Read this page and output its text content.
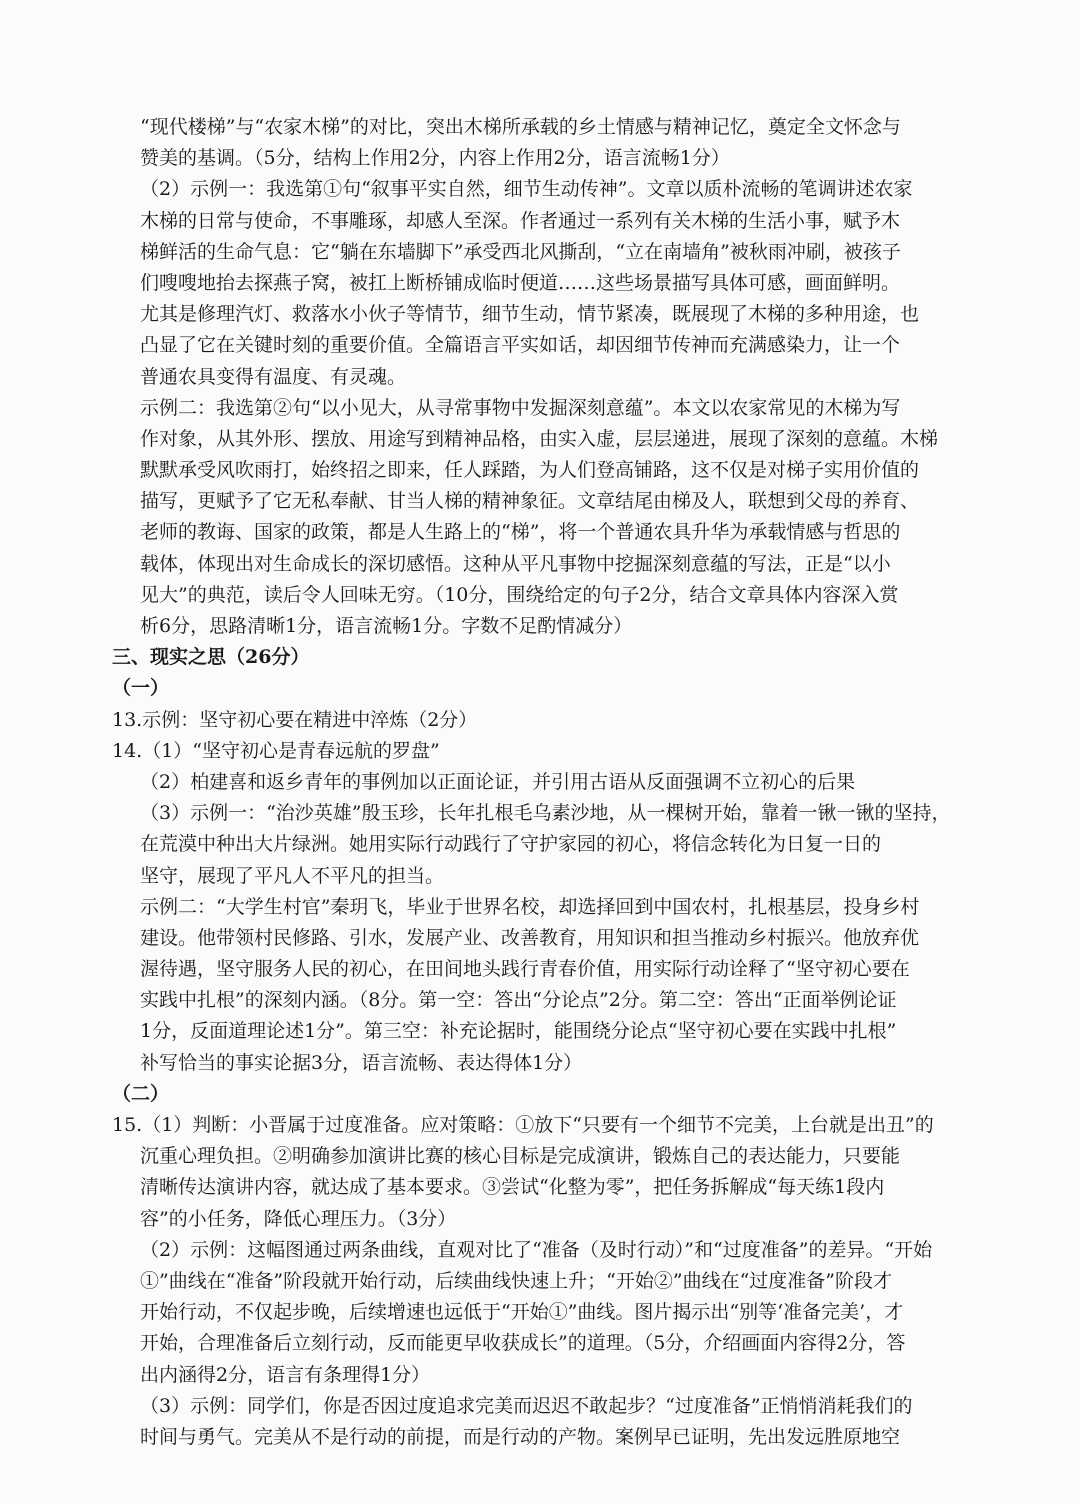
“现代楼梯”与“农家木梯”的对比，突出木梯所承载的乡土情感与精神记忆，奠定全文怀念与
赞美的基调。（5分，结构上作用2分，内容上作用2分，语言流畅1分）
（2）示例一：我选第①句“叙事平实自然，细节生动传神”。文章以质朴流畅的笔调讲述农家
木梯的日常与使命，不事雕琢，却感人至深。作者通过一系列有关木梯的生活小事，赋予木
梯鲜活的生命气息：它“躺在东墙脚下”承受西北风撕刮，“立在南墙角”被秋雨冲刷，被孩子
们嗖嗖地抬去探燕子窝，被扛上断桥铺成临时便道……这些场景描写具体可感，画面鲜明。
尤其是修理汽灯、救落水小伙子等情节，细节生动，情节紧凑，既展现了木梯的多种用途，也
凸显了它在关键时刻的重要价值。全篇语言平实如话，却因细节传神而充满感染力，让一个
普通农具变得有温度、有灵魂。
示例二：我选第②句“以小见大，从寻常事物中发掘深刻意蕴”。本文以农家常见的木梯为写
作对象，从其外形、摆放、用途写到精神品格，由实入虚，层层递进，展现了深刻的意蕴。木梯
默默承受风吹雨打，始终招之即来，任人踩踏，为人们登高铺路，这不仅是对梯子实用价值的
描写，更赋予了它无私奉献、甘当人梯的精神象征。文章结尾由梯及人，联想到父母的养育、
老师的教诲、国家的政策，都是人生路上的“梯”，将一个普通农具升华为承载情感与哲思的
载体，体现出对生命成长的深切感悟。这种从平凡事物中挖掘深刻意蕴的写法，正是“以小
见大”的典范，读后令人回味无穷。（10分，围绕给定的句子2分，结合文章具体内容深入赏
析6分，思路清晰1分，语言流畅1分。字数不足酌情减分）
三、现实之思（26分）
（一）
13.示例：坚守初心要在精进中淬炼（2分）
14.（1）“坚守初心是青春远航的罗盘”
（2）柏建喜和返乡青年的事例加以正面论证，并引用古语从反面强调不立初心的后果
（3）示例一：“治沙英雄”殷玉珍，长年扎根毛乌素沙地，从一棵树开始，靠着一锹一锹的坚持，
在荒漠中种出大片绿洲。她用实际行动践行了守护家园的初心，将信念转化为日复一日的
坚守，展现了平凡人不平凡的担当。
示例二：“大学生村官”秦玥飞，毕业于世界名校，却选择回到中国农村，扎根基层，投身乡村
建设。他带领村民修路、引水，发展产业、改善教育，用知识和担当推动乡村振兴。他放弃优
渥待遇，坚守服务人民的初心，在田间地头践行青春价值，用实际行动诠释了“坚守初心要在
实践中扎根”的深刻内涵。（8分。第一空：答出“分论点”2分。第二空：答出“正面举例论证
1分，反面道理论述1分”。第三空：补充论据时，能围绕分论点“坚守初心要在实践中扎根”
补写恰当的事实论据3分，语言流畅、表达得体1分）
（二）
15.（1）判断：小晋属于过度准备。应对策略：①放下“只要有一个细节不完美，上台就是出丑”的
沉重心理负担。②明确参加演讲比赛的核心目标是完成演讲，锻炼自己的表达能力，只要能
清晰传达演讲内容，就达成了基本要求。③尝试“化整为零”，把任务拆解成“每天练1段内
容”的小任务，降低心理压力。（3分）
（2）示例：这幅图通过两条曲线，直观对比了“准备（及时行动）”和“过度准备”的差异。“开始
①”曲线在“准备”阶段就开始行动，后续曲线快速上升；“开始②”曲线在“过度准备”阶段才
开始行动，不仅起步晚，后续增速也远低于“开始①”曲线。图片揭示出“别等‘准备完美’，才
开始，合理准备后立刻行动，反而能更早收获成长”的道理。（5分，介绍画面内容得2分，答
出内涵得2分，语言有条理得1分）
（3）示例：同学们，你是否因过度追求完美而迟迟不敢起步？“过度准备”正悄悄消耗我们的
时间与勇气。完美从不是行动的前提，而是行动的产物。案例早已证明，先出发远胜原地空
